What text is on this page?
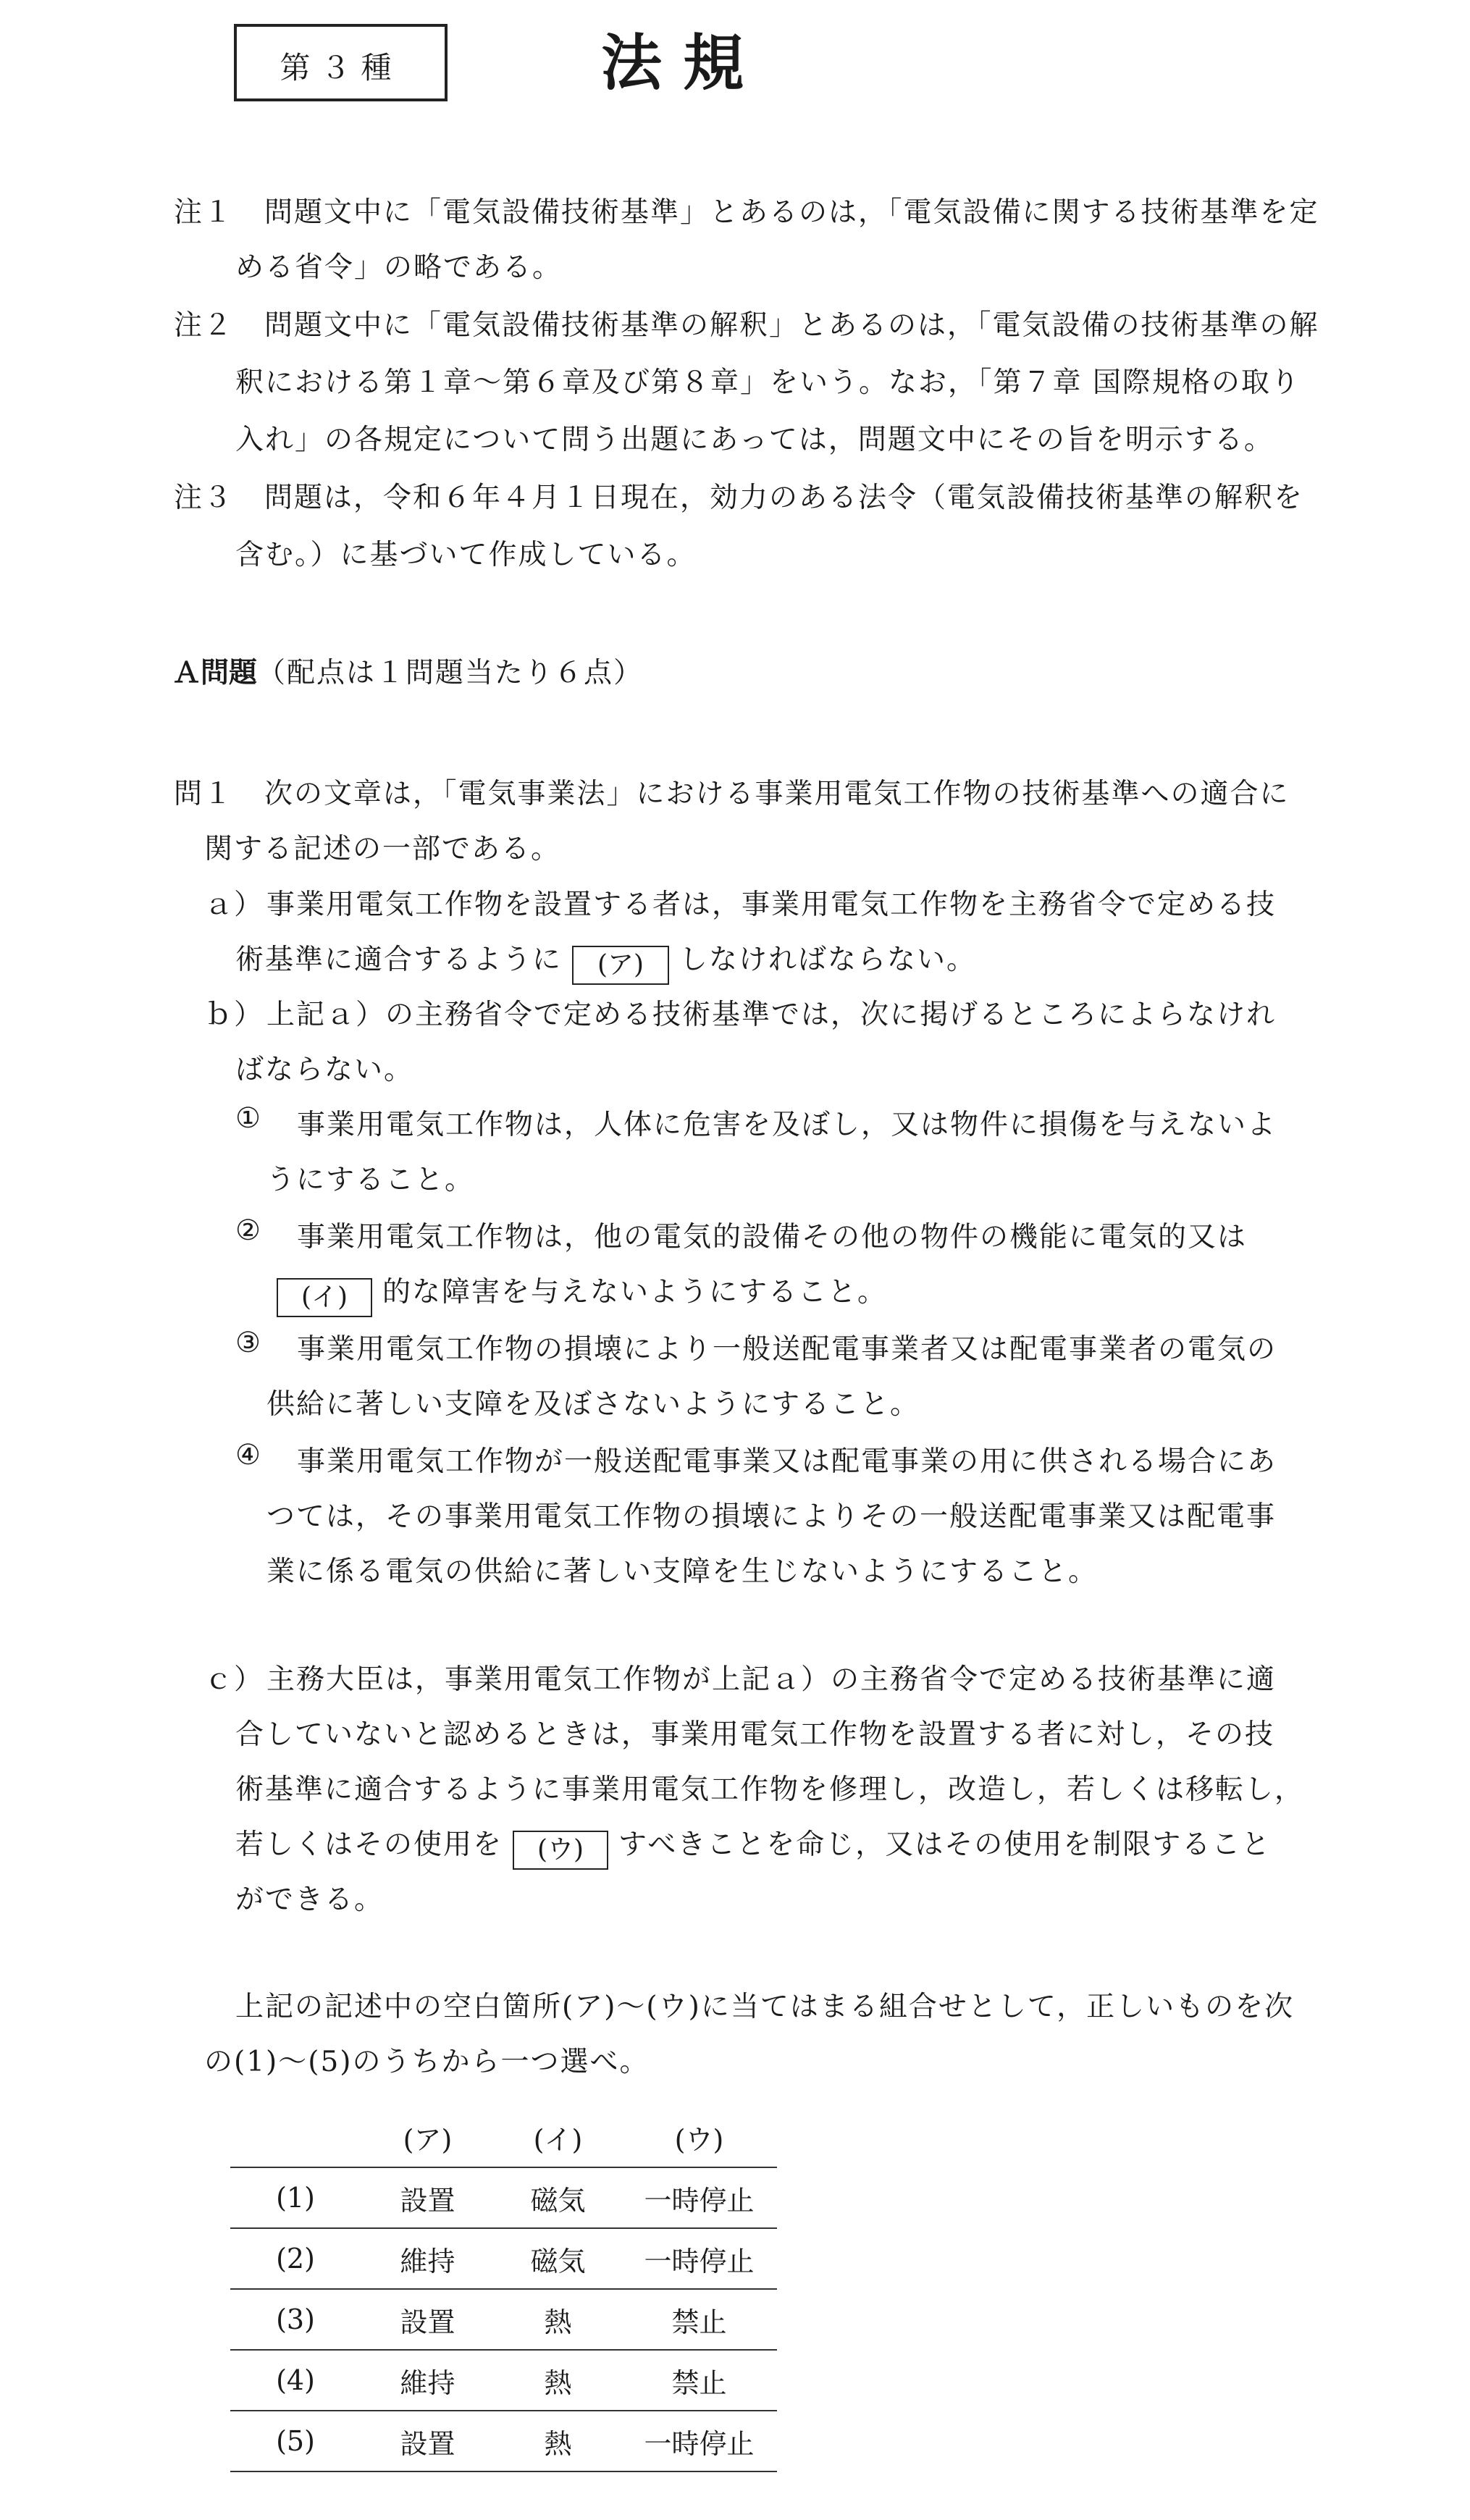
第３種	法 規
注１ 問題文中に「電気設備技術基準」とあるのは，「電気設備に関する技術基準を定
める省令」の略である。
注２ 問題文中に「電気設備技術基準の解釈」とあるのは，「電気設備の技術基準の解
釈における第１章～第６章及び第８章」をいう。なお，「第７章 国際規格の取り
入れ」の各規定について問う出題にあっては，問題文中にその旨を明示する。
注３ 問題は，令和６年４月１日現在，効力のある法令（電気設備技術基準の解釈を
含む。）に基づいて作成している。
Ａ問題（配点は１問題当たり６点）
問１ 次の文章は，「電気事業法」における事業用電気工作物の技術基準への適合に
関する記述の一部である。
ａ） 事業用電気工作物を設置する者は，事業用電気工作物を主務省令で定める技
術基準に適合するように (ア) しなければならない。
ｂ） 上記ａ）の主務省令で定める技術基準では，次に掲げるところによらなけれ
ばならない。
① 事業用電気工作物は，人体に危害を及ぼし，又は物件に損傷を与えないよ
うにすること。
② 事業用電気工作物は，他の電気的設備その他の物件の機能に電気的又は
(イ) 的な障害を与えないようにすること。
③ 事業用電気工作物の損壊により一般送配電事業者又は配電事業者の電気の
供給に著しい支障を及ぼさないようにすること。
④ 事業用電気工作物が一般送配電事業又は配電事業の用に供される場合にあ
つては，その事業用電気工作物の損壊によりその一般送配電事業又は配電事
業に係る電気の供給に著しい支障を生じないようにすること。
ｃ） 主務大臣は，事業用電気工作物が上記ａ）の主務省令で定める技術基準に適
合していないと認めるときは，事業用電気工作物を設置する者に対し，その技
術基準に適合するように事業用電気工作物を修理し，改造し，若しくは移転し，
若しくはその使用を (ウ) すべきことを命じ，又はその使用を制限すること
ができる。
上記の記述中の空白箇所(ア)～(ウ)に当てはまる組合せとして，正しいものを次
の(1)～(5)のうちから一つ選べ。
	(ア)	(イ)	(ウ)
(1)	設置	磁気	一時停止
(2)	維持	磁気	一時停止
(3)	設置	熱	禁止
(4)	維持	熱	禁止
(5)	設置	熱	一時停止
